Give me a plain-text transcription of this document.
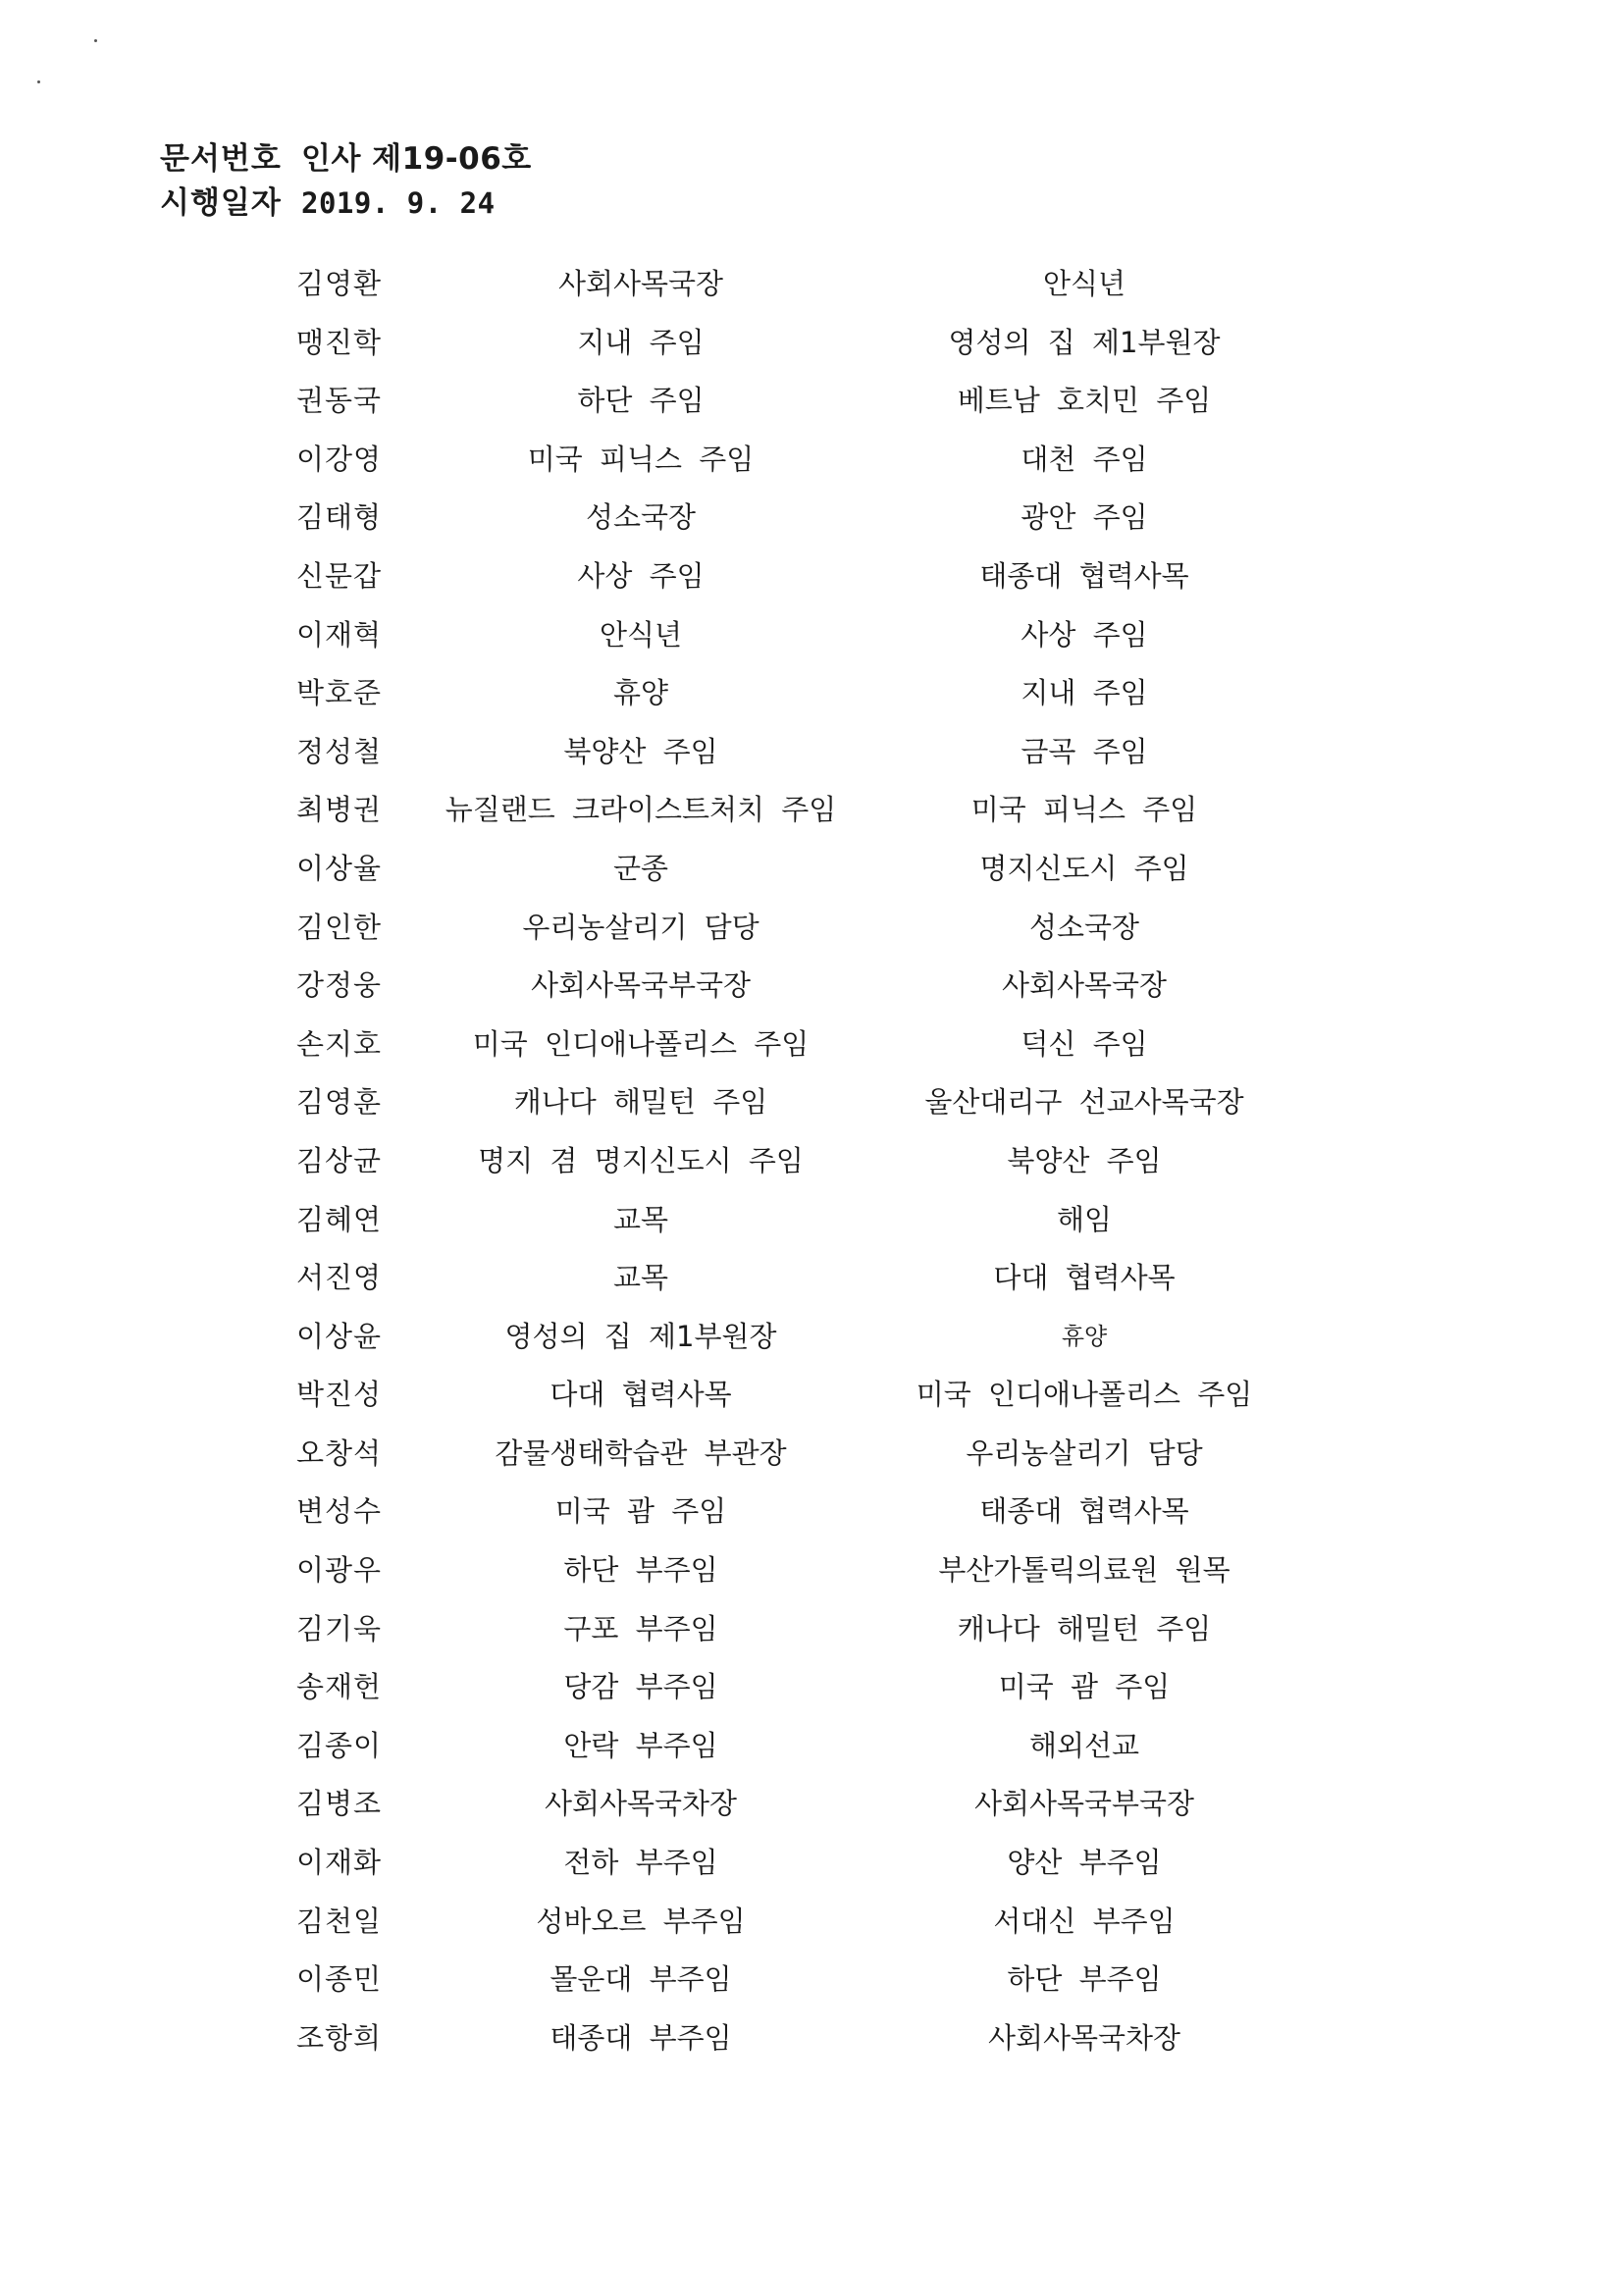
문서번호 인사 제19-06호
시행일자 2019. 9. 24
김영환	사회사목국장	안식년
맹진학	지내 주임	영성의 집 제1부원장
권동국	하단 주임	베트남 호치민 주임
이강영	미국 피닉스 주임	대천 주임
김태형	성소국장	광안 주임
신문갑	사상 주임	태종대 협력사목
이재혁	안식년	사상 주임
박호준	휴양	지내 주임
정성철	북양산 주임	금곡 주임
최병권 뉴질랜드 크라이스트처치 주임	미국 피닉스 주임
이상율	군종	명지신도시 주임
김인한	우리농살리기 담당	성소국장
강정웅	사회사목국부국장	사회사목국장
손지호	미국 인디애나폴리스 주임	덕신 주임
김영훈	캐나다 해밀턴 주임	울산대리구 선교사목국장
김상균	명지 겸 명지신도시 주임	북양산 주임
김혜연	교목	해임
서진영	교목	다대 협력사목
이상윤	영성의 집 제1부원장	휴양
박진성	다대 협력사목	미국 인디애나폴리스 주임
오창석	감물생태학습관 부관장	우리농살리기 담당
변성수	미국 괌 주임	태종대 협력사목
이광우	하단 부주임	부산가톨릭의료원 원목
김기욱	구포 부주임	캐나다 해밀턴 주임
송재헌	당감 부주임	미국 괌 주임
김종이	안락 부주임	해외선교
김병조	사회사목국차장	사회사목국부국장
이재화	전하 부주임	양산 부주임
김천일	성바오르 부주임	서대신 부주임
이종민	몰운대 부주임	하단 부주임
조항희	태종대 부주임	사회사목국차장
